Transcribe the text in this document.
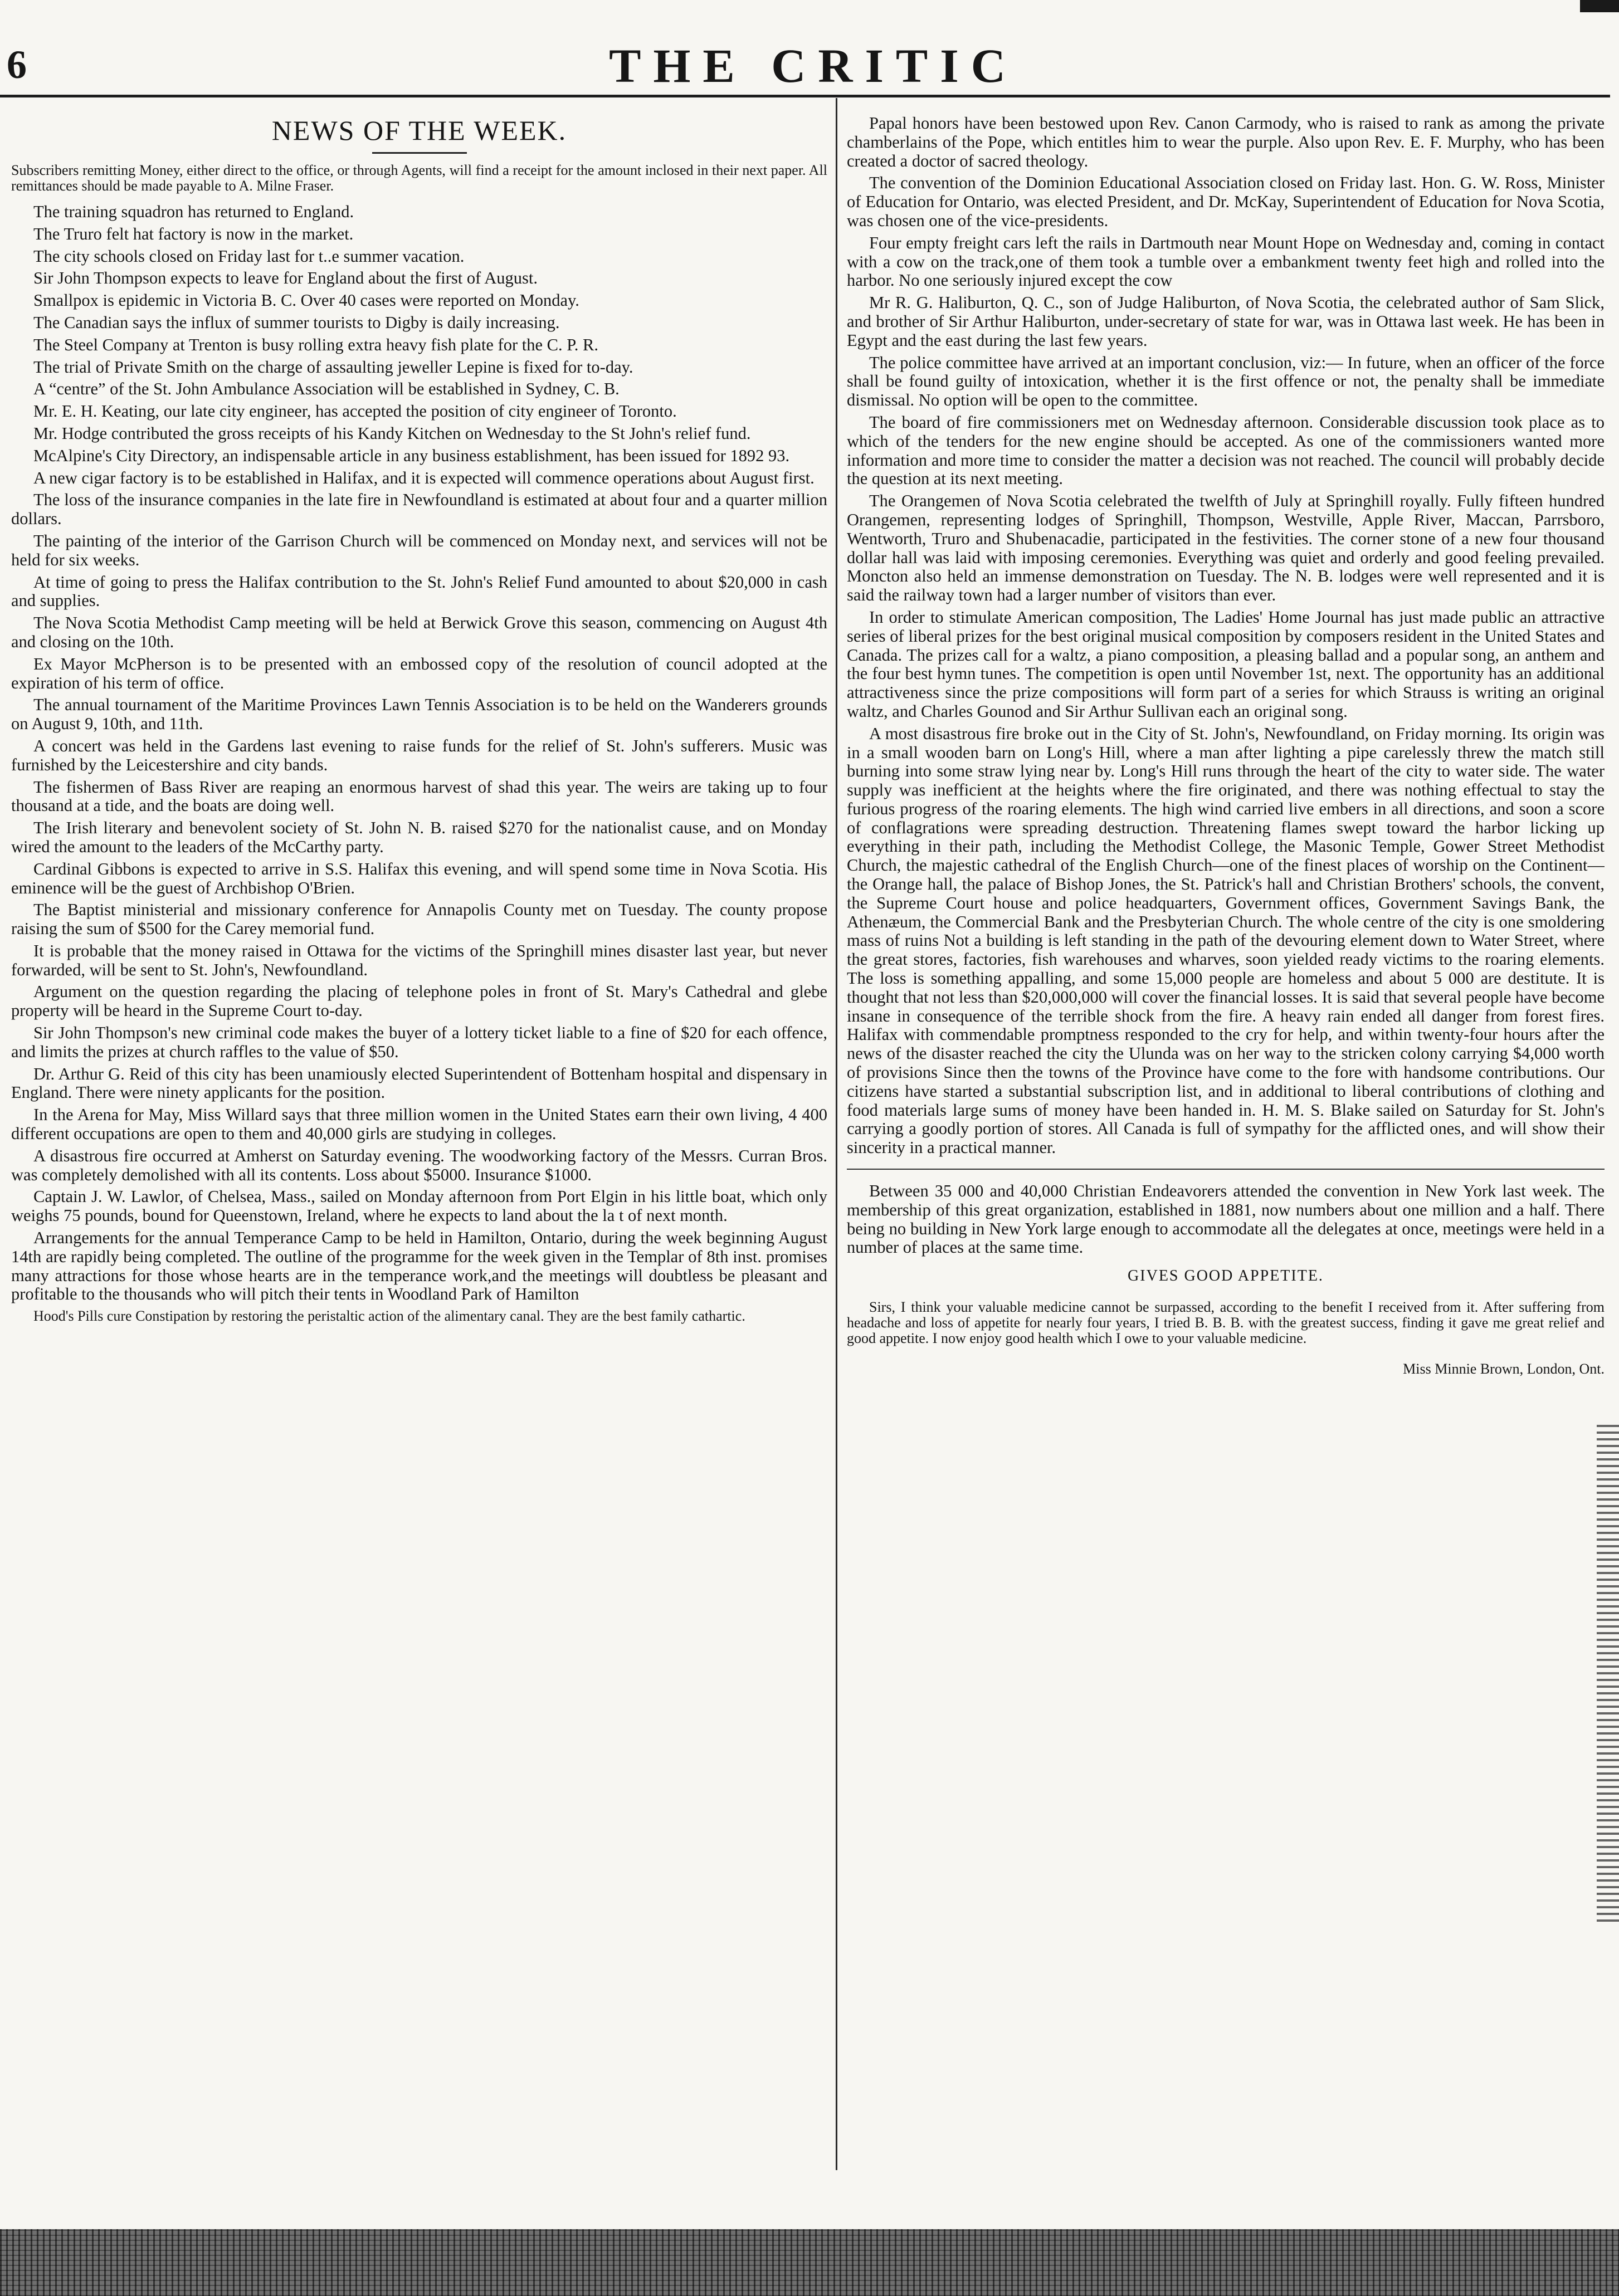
6	THE CRITIC
NEWS OF THE WEEK.

Subscribers remitting Money, either direct to the office, or through Agents, will find a receipt for the amount inclosed in their next paper. All remittances should be made payable to A. Milne Fraser.

The training squadron has returned to England.

The Truro felt hat factory is now in the market.

The city schools closed on Friday last for t..e summer vacation.

Sir John Thompson expects to leave for England about the first of August.

Smallpox is epidemic in Victoria B. C. Over 40 cases were reported on Monday.

The Canadian says the influx of summer tourists to Digby is daily increasing.

The Steel Company at Trenton is busy rolling extra heavy fish plate for the C. P. R.

The trial of Private Smith on the charge of assaulting jeweller Lepine is fixed for to-day.

A “centre” of the St. John Ambulance Association will be established in Sydney, C. B.

Mr. E. H. Keating, our late city engineer, has accepted the position of city engineer of Toronto.

Mr. Hodge contributed the gross receipts of his Kandy Kitchen on Wednesday to the St John's relief fund.

McAlpine's City Directory, an indispensable article in any business establishment, has been issued for 1892 93.

A new cigar factory is to be established in Halifax, and it is expected will commence operations about August first.

The loss of the insurance companies in the late fire in Newfoundland is estimated at about four and a quarter million dollars.

The painting of the interior of the Garrison Church will be commenced on Monday next, and services will not be held for six weeks.

At time of going to press the Halifax contribution to the St. John's Relief Fund amounted to about $20,000 in cash and supplies.

The Nova Scotia Methodist Camp meeting will be held at Berwick Grove this season, commencing on August 4th and closing on the 10th.

Ex Mayor McPherson is to be presented with an embossed copy of the resolution of council adopted at the expiration of his term of office.

The annual tournament of the Maritime Provinces Lawn Tennis Association is to be held on the Wanderers grounds on August 9, 10th, and 11th.

A concert was held in the Gardens last evening to raise funds for the relief of St. John's sufferers. Music was furnished by the Leicestershire and city bands.

The fishermen of Bass River are reaping an enormous harvest of shad this year. The weirs are taking up to four thousand at a tide, and the boats are doing well.

The Irish literary and benevolent society of St. John N. B. raised $270 for the nationalist cause, and on Monday wired the amount to the leaders of the McCarthy party.

Cardinal Gibbons is expected to arrive in S.S. Halifax this evening, and will spend some time in Nova Scotia. His eminence will be the guest of Archbishop O'Brien.

The Baptist ministerial and missionary conference for Annapolis County met on Tuesday. The county propose raising the sum of $500 for the Carey memorial fund.

It is probable that the money raised in Ottawa for the victims of the Springhill mines disaster last year, but never forwarded, will be sent to St. John's, Newfoundland.

Argument on the question regarding the placing of telephone poles in front of St. Mary's Cathedral and glebe property will be heard in the Supreme Court to-day.

Sir John Thompson's new criminal code makes the buyer of a lottery ticket liable to a fine of $20 for each offence, and limits the prizes at church raffles to the value of $50.

Dr. Arthur G. Reid of this city has been unamiously elected Superintendent of Bottenham hospital and dispensary in England. There were ninety applicants for the position.

In the Arena for May, Miss Willard says that three million women in the United States earn their own living, 4 400 different occupations are open to them and 40,000 girls are studying in colleges.

A disastrous fire occurred at Amherst on Saturday evening. The woodworking factory of the Messrs. Curran Bros. was completely demolished with all its contents. Loss about $5000. Insurance $1000.

Captain J. W. Lawlor, of Chelsea, Mass., sailed on Monday afternoon from Port Elgin in his little boat, which only weighs 75 pounds, bound for Queenstown, Ireland, where he expects to land about the la t of next month.

Arrangements for the annual Temperance Camp to be held in Hamilton, Ontario, during the week beginning August 14th are rapidly being completed. The outline of the programme for the week given in the Templar of 8th inst. promises many attractions for those whose hearts are in the temperance work,and the meetings will doubtless be pleasant and profitable to the thousands who will pitch their tents in Woodland Park of Hamilton

Hood's Pills cure Constipation by restoring the peristaltic action of the alimentary canal. They are the best family cathartic.

Papal honors have been bestowed upon Rev. Canon Carmody, who is raised to rank as among the private chamberlains of the Pope, which entitles him to wear the purple. Also upon Rev. E. F. Murphy, who has been created a doctor of sacred theology.

The convention of the Dominion Educational Association closed on Friday last. Hon. G. W. Ross, Minister of Education for Ontario, was elected President, and Dr. McKay, Superintendent of Education for Nova Scotia, was chosen one of the vice-presidents.

Four empty freight cars left the rails in Dartmouth near Mount Hope on Wednesday and, coming in contact with a cow on the track,one of them took a tumble over a embankment twenty feet high and rolled into the harbor. No one seriously injured except the cow

Mr R. G. Haliburton, Q. C., son of Judge Haliburton, of Nova Scotia, the celebrated author of Sam Slick, and brother of Sir Arthur Haliburton, under-secretary of state for war, was in Ottawa last week. He has been in Egypt and the east during the last few years.

The police committee have arrived at an important conclusion, viz:— In future, when an officer of the force shall be found guilty of intoxication, whether it is the first offence or not, the penalty shall be immediate dismissal. No option will be open to the committee.

The board of fire commissioners met on Wednesday afternoon. Considerable discussion took place as to which of the tenders for the new engine should be accepted. As one of the commissioners wanted more information and more time to consider the matter a decision was not reached. The council will probably decide the question at its next meeting.

The Orangemen of Nova Scotia celebrated the twelfth of July at Springhill royally. Fully fifteen hundred Orangemen, representing lodges of Springhill, Thompson, Westville, Apple River, Maccan, Parrsboro, Wentworth, Truro and Shubenacadie, participated in the festivities. The corner stone of a new four thousand dollar hall was laid with imposing ceremonies. Everything was quiet and orderly and good feeling prevailed. Moncton also held an immense demonstration on Tuesday. The N. B. lodges were well represented and it is said the railway town had a larger number of visitors than ever.

In order to stimulate American composition, The Ladies' Home Journal has just made public an attractive series of liberal prizes for the best original musical composition by composers resident in the United States and Canada. The prizes call for a waltz, a piano composition, a pleasing ballad and a popular song, an anthem and the four best hymn tunes. The competition is open until November 1st, next. The opportunity has an additional attractiveness since the prize compositions will form part of a series for which Strauss is writing an original waltz, and Charles Gounod and Sir Arthur Sullivan each an original song.

A most disastrous fire broke out in the City of St. John's, Newfoundland, on Friday morning. Its origin was in a small wooden barn on Long's Hill, where a man after lighting a pipe carelessly threw the match still burning into some straw lying near by. Long's Hill runs through the heart of the city to water side. The water supply was inefficient at the heights where the fire originated, and there was nothing effectual to stay the furious progress of the roaring elements. The high wind carried live embers in all directions, and soon a score of conflagrations were spreading destruction. Threatening flames swept toward the harbor licking up everything in their path, including the Methodist College, the Masonic Temple, Gower Street Methodist Church, the majestic cathedral of the English Church—one of the finest places of worship on the Continent—the Orange hall, the palace of Bishop Jones, the St. Patrick's hall and Christian Brothers' schools, the convent, the Supreme Court house and police headquarters, Government offices, Government Savings Bank, the Athenæum, the Commercial Bank and the Presbyterian Church. The whole centre of the city is one smoldering mass of ruins Not a building is left standing in the path of the devouring element down to Water Street, where the great stores, factories, fish warehouses and wharves, soon yielded ready victims to the roaring elements. The loss is something appalling, and some 15,000 people are homeless and about 5 000 are destitute. It is thought that not less than $20,000,000 will cover the financial losses. It is said that several people have become insane in consequence of the terrible shock from the fire. A heavy rain ended all danger from forest fires. Halifax with commendable promptness responded to the cry for help, and within twenty-four hours after the news of the disaster reached the city the Ulunda was on her way to the stricken colony carrying $4,000 worth of provisions Since then the towns of the Province have come to the fore with handsome contributions. Our citizens have started a substantial subscription list, and in additional to liberal contributions of clothing and food materials large sums of money have been handed in. H. M. S. Blake sailed on Saturday for St. John's carrying a goodly portion of stores. All Canada is full of sympathy for the afflicted ones, and will show their sincerity in a practical manner.

Between 35 000 and 40,000 Christian Endeavorers attended the convention in New York last week. The membership of this great organization, established in 1881, now numbers about one million and a half. There being no building in New York large enough to accommodate all the delegates at once, meetings were held in a number of places at the same time.

GIVES GOOD APPETITE.

Sirs, I think your valuable medicine cannot be surpassed, according to the benefit I received from it. After suffering from headache and loss of appetite for nearly four years, I tried B. B. B. with the greatest success, finding it gave me great relief and good appetite. I now enjoy good health which I owe to your valuable medicine.

Miss Minnie Brown, London, Ont.
